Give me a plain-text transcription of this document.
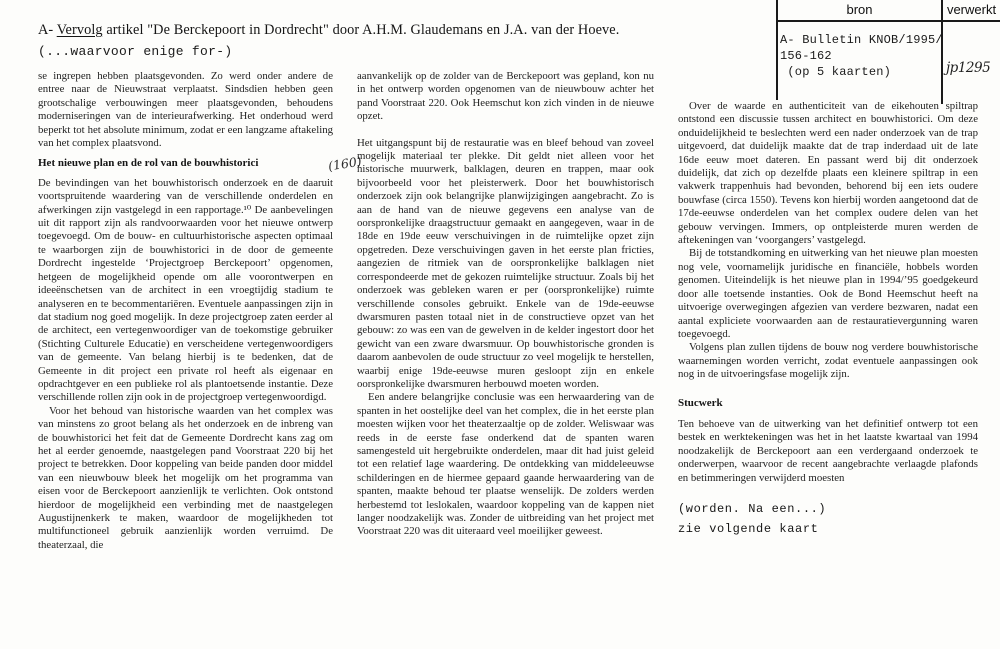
A- Vervolg artikel "De Berckepoort in Dordrecht" door A.H.M. Glaudemans en J.A. van der Hoeve.
(...waarvoor enige for-)
bron	verwerkt
A- Bulletin KNOB/1995/
156-162
(op 5 kaarten)	jp1295
(160)

se ingrepen hebben plaatsgevonden. Zo werd onder andere de entree naar de Nieuwstraat verplaatst. Sindsdien hebben geen grootschalige verbouwingen meer plaatsgevonden, behoudens moderniseringen van de interieurafwerking. Het onderhoud werd beperkt tot het absolute minimum, zodat er een langzame aftakeling van het complex plaatsvond.

Het nieuwe plan en de rol van de bouwhistorici

De bevindingen van het bouwhistorisch onderzoek en de daaruit voortspruitende waardering van de verschillende onderdelen en afwerkingen zijn vastgelegd in een rapportage.¹⁰ De aanbevelingen uit dit rapport zijn als randvoorwaarden voor het nieuwe ontwerp toegevoegd. Om de bouw- en cultuurhistorische aspecten optimaal te waarborgen zijn de bouwhistorici in de door de gemeente Dordrecht ingestelde ‘Projectgroep Berckepoort’ opgenomen, hetgeen de mogelijkheid opende om alle voorontwerpen en ideeënschetsen van de architect in een vroegtijdig stadium te analyseren en te becommentariëren. Eventuele aanpassingen zijn in dat stadium nog goed mogelijk. In deze projectgroep zaten eerder al de architect, een vertegenwoordiger van de toekomstige gebruiker (Stichting Culturele Educatie) en verscheidene vertegenwoordigers van de gemeente. Van belang hierbij is te bedenken, dat de Gemeente in dit project een private rol heeft als eigenaar en opdrachtgever en een publieke rol als plantoetsende instantie. Deze verschillende rollen zijn ook in de projectgroep vertegenwoordigd.

Voor het behoud van historische waarden van het complex was van minstens zo groot belang als het onderzoek en de inbreng van de bouwhistorici het feit dat de Gemeente Dordrecht kans zag om het al eerder genoemde, naastgelegen pand Voorstraat 220 bij het project te betrekken. Door koppeling van beide panden door middel van een nieuwbouw bleek het mogelijk om het programma van eisen voor de Berckepoort aanzienlijk te verlichten. Ook ontstond hierdoor de mogelijkheid een verbinding met de naastgelegen Augustijnenkerk te maken, waardoor de mogelijkheden tot multifunctioneel gebruik aanzienlijk worden verruimd. De theaterzaal, die

aanvankelijk op de zolder van de Berckepoort was gepland, kon nu in het ontwerp worden opgenomen van de nieuwbouw achter het pand Voorstraat 220. Ook Heemschut kon zich vinden in de nieuwe opzet.

Het uitgangspunt bij de restauratie was en bleef behoud van zoveel mogelijk materiaal ter plekke. Dit geldt niet alleen voor het historische muurwerk, balklagen, deuren en trappen, maar ook bijvoorbeeld voor het pleisterwerk. Door het bouwhistorisch onderzoek zijn ook belangrijke planwijzigingen aangebracht. Zo is aan de hand van de nieuwe gegevens een analyse van de oorspronkelijke draagstructuur gemaakt en aangegeven, waar in de 18de en 19de eeuw verschuivingen in de ruimtelijke opzet zijn opgetreden. Deze verschuivingen gaven in het eerste plan fricties, aangezien de ritmiek van de oorspronkelijke balklagen niet correspondeerde met de gekozen ruimtelijke structuur. Zoals bij het onderzoek was gebleken waren er per (oorspronkelijke) ruimte verschillende consoles gebruikt. Enkele van de 19de-eeuwse dwarsmuren pasten totaal niet in de constructieve opzet van het gebouw: zo was een van de gewelven in de kelder ingestort door het gewicht van een zware dwarsmuur. Op bouwhistorische gronden is daarom aanbevolen de oude structuur zo veel mogelijk te herstellen, waarbij enige 19de-eeuwse muren gesloopt zijn en enkele oorspronkelijke dwarsmuren herbouwd moeten worden.

Een andere belangrijke conclusie was een herwaardering van de spanten in het oostelijke deel van het complex, die in het eerste plan moesten wijken voor het theaterzaaltje op de zolder. Weliswaar was reeds in de eerste fase onderkend dat de spanten waren samengesteld uit hergebruikte onderdelen, maar dit had juist geleid tot een relatief lage waardering. De ontdekking van middeleeuwse schilderingen en de hiermee gepaard gaande herwaardering van de spanten, maakte behoud ter plaatse wenselijk. De zolders werden herbestemd tot leslokalen, waardoor koppeling van de kappen niet langer noodzakelijk was. Zonder de uitbreiding van het project met Voorstraat 220 was dit uiteraard veel moeilijker geweest.

Over de waarde en authenticiteit van de eikehouten spiltrap ontstond een discussie tussen architect en bouwhistorici. Om deze onduidelijkheid te beslechten werd een nader onderzoek van de trap uitgevoerd, dat duidelijk maakte dat de trap inderdaad uit de late 16de eeuw moet dateren. En passant werd bij dit onderzoek duidelijk, dat zich op dezelfde plaats een kleinere spiltrap in een vakwerk trappenhuis had bevonden, behorend bij een iets oudere bouwfase (circa 1550). Tevens kon hierbij worden aangetoond dat de 17de-eeuwse onderdelen van het complex oudere delen van het gebouw vervingen. Immers, op ontpleisterde muren werden de aftekeningen van ‘voorgangers’ vastgelegd.

Bij de totstandkoming en uitwerking van het nieuwe plan moesten nog vele, voornamelijk juridische en financiële, hobbels worden genomen. Uiteindelijk is het nieuwe plan in 1994/’95 goedgekeurd door alle toetsende instanties. Ook de Bond Heemschut heeft na uitvoerige overwegingen afgezien van verdere bezwaren, nadat een aantal expliciete voorwaarden aan de restauratievergunning waren toegevoegd.

Volgens plan zullen tijdens de bouw nog verdere bouwhistorische waarnemingen worden verricht, zodat eventuele aanpassingen ook nog in de uitvoeringsfase mogelijk zijn.

Stucwerk

Ten behoeve van de uitwerking van het definitief ontwerp tot een bestek en werktekeningen was het in het laatste kwartaal van 1994 noodzakelijk de Berckepoort aan een verdergaand onderzoek te onderwerpen, waarvoor de recent aangebrachte verlaagde plafonds en betimmeringen verwijderd moesten

(worden. Na een...)
zie volgende kaart
